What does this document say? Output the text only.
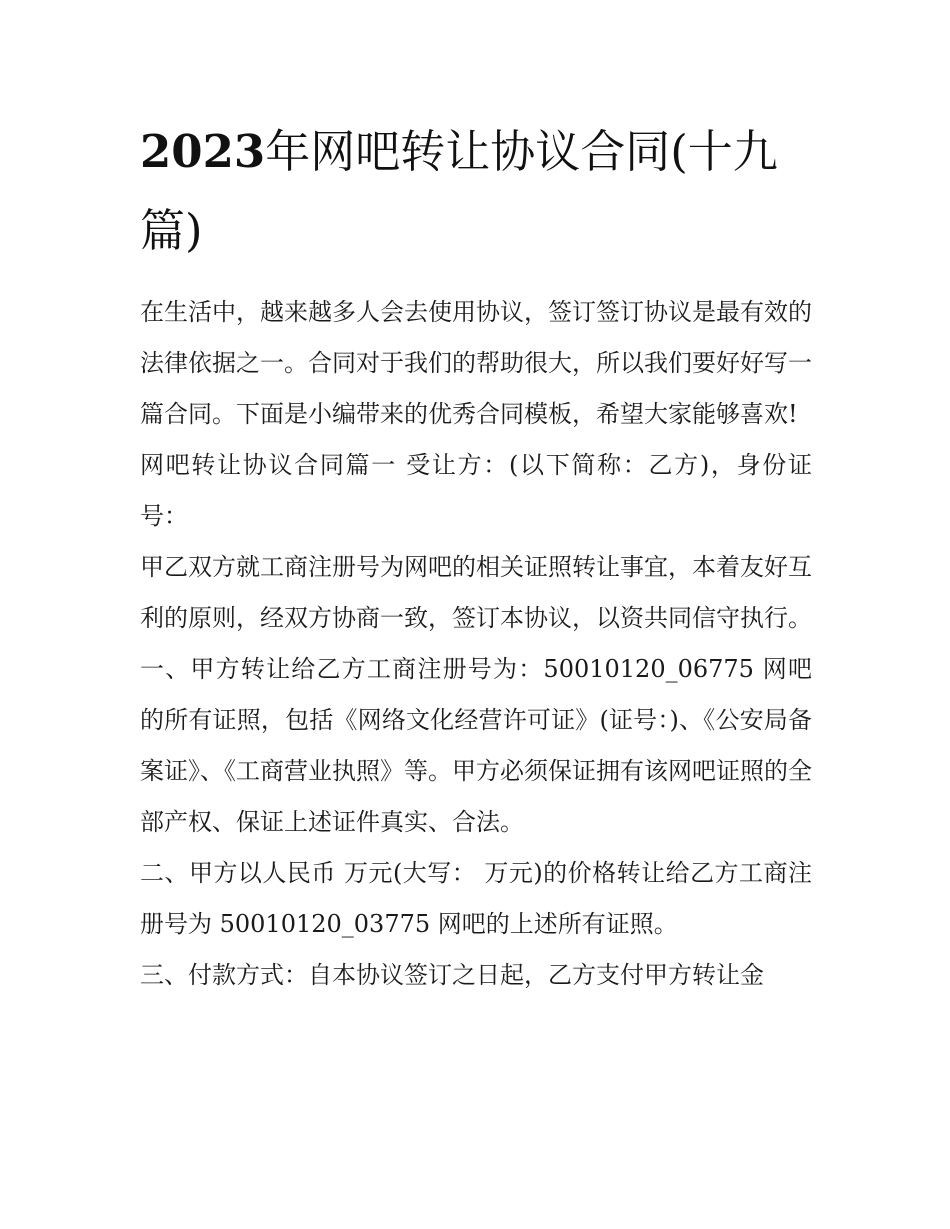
2023年网吧转让协议合同(十九篇)

在生活中，越来越多人会去使用协议，签订签订协议是最有效的法律依据之一。合同对于我们的帮助很大，所以我们要好好写一篇合同。下面是小编带来的优秀合同模板，希望大家能够喜欢!

网吧转让协议合同篇一 受让方：(以下简称：乙方)，身份证号：

甲乙双方就工商注册号为网吧的相关证照转让事宜，本着友好互利的原则，经双方协商一致，签订本协议，以资共同信守执行。

一、甲方转让给乙方工商注册号为：50010120_06775 网吧的所有证照，包括《网络文化经营许可证》(证号：)、《公安局备案证》、《工商营业执照》等。甲方必须保证拥有该网吧证照的全部产权、保证上述证件真实、合法。

二、甲方以人民币 万元(大写： 万元)的价格转让给乙方工商注册号为 50010120_03775 网吧的上述所有证照。

三、付款方式：自本协议签订之日起，乙方支付甲方转让金
